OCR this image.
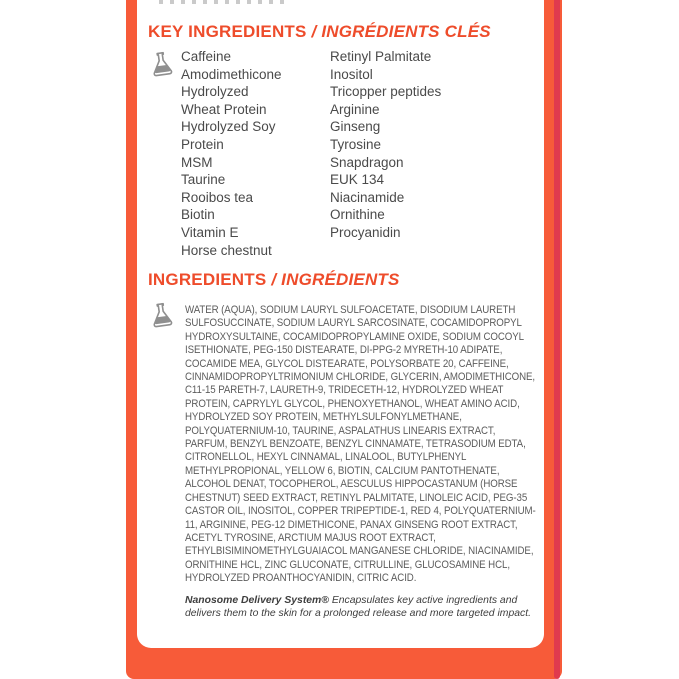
KEY INGREDIENTS / INGRÉDIENTS CLÉS
Caffeine
Amodimethicone
Hydrolyzed Wheat Protein
Hydrolyzed Soy Protein
MSM
Taurine
Rooibos tea
Biotin
Vitamin E
Horse chestnut
Retinyl Palmitate
Inositol
Tricopper peptides
Arginine
Ginseng
Tyrosine
Snapdragon
EUK 134
Niacinamide
Ornithine
Procyanidin
INGREDIENTS / INGRÉDIENTS
WATER (AQUA), SODIUM LAURYL SULFOACETATE, DISODIUM LAURETH SULFOSUCCINATE, SODIUM LAURYL SARCOSINATE, COCAMIDOPROPYL HYDROXYSULTAINE, COCAMIDOPROPYLAMINE OXIDE, SODIUM COCOYL ISETHIONATE, PEG-150 DISTEARATE, DI-PPG-2 MYRETH-10 ADIPATE, COCAMIDE MEA, GLYCOL DISTEARATE, POLYSORBATE 20, CAFFEINE, CINNAMIDOPROPYLTRIMONIUM CHLORIDE, GLYCERIN, AMODIMETHICONE, C11-15 PARETH-7, LAURETH-9, TRIDECETH-12, HYDROLYZED WHEAT PROTEIN, CAPRYLYL GLYCOL, PHENOXYETHANOL, WHEAT AMINO ACID, HYDROLYZED SOY PROTEIN, METHYLSULFONYLMETHANE, POLYQUATERNIUM-10, TAURINE, ASPALATHUS LINEARIS EXTRACT, PARFUM, BENZYL BENZOATE, BENZYL CINNAMATE, TETRASODIUM EDTA, CITRONELLOL, HEXYL CINNAMAL, LINALOOL, BUTYLPHENYL METHYLPROPIONAL, YELLOW 6, BIOTIN, CALCIUM PANTOTHENATE, ALCOHOL DENAT, TOCOPHEROL, AESCULUS HIPPOCASTANUM (HORSE CHESTNUT) SEED EXTRACT, RETINYL PALMITATE, LINOLEIC ACID, PEG-35 CASTOR OIL, INOSITOL, COPPER TRIPEPTIDE-1, RED 4, POLYQUATERNIUM-11, ARGININE, PEG-12 DIMETHICONE, PANAX GINSENG ROOT EXTRACT, ACETYL TYROSINE, ARCTIUM MAJUS ROOT EXTRACT, ETHYLBISIMINOMETHYLGUAIACOL MANGANESE CHLORIDE, NIACINAMIDE, ORNITHINE HCL, ZINC GLUCONATE, CITRULLINE, GLUCOSAMINE HCL, HYDROLYZED PROANTHOCYANIDIN, CITRIC ACID.
Nanosome Delivery System® Encapsulates key active ingredients and delivers them to the skin for a prolonged release and more targeted impact.
